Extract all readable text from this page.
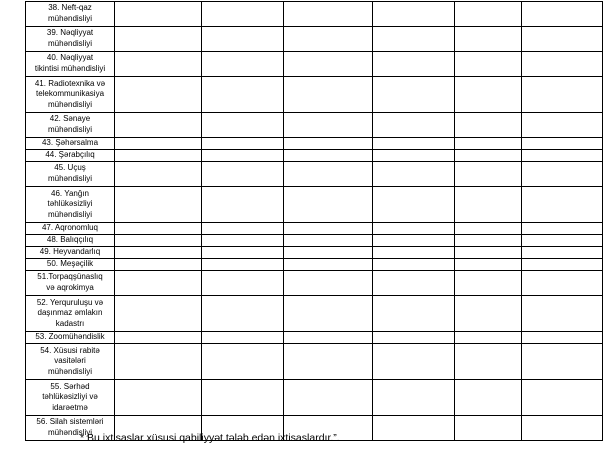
38. Neft-qaz
mühəndisliyi						
39. Nəqliyyat
mühəndisliyi						
40. Nəqliyyat
tikintisi mühəndisliyi						
41. Radiotexnika və
telekommunikasiya
mühəndisliyi						
42. Sənaye
mühəndisliyi						
43. Şəhərsalma						
44. Şərabçılıq						
45. Uçuş
mühəndisliyi						
46. Yanğın
təhlükəsizliyi
mühəndisliyi						
47. Aqronomluq						
48. Balıqçılıq						
49. Heyvandarlıq						
50. Meşəçilik						
51.Torpaqşünaslıq
və aqrokimya						
52. Yerquruluşu və
daşınmaz əmlakın
kadastrı						
53. Zoomühəndislik						
54. Xüsusi rabitə
vasitələri
mühəndisliyi						
55. Sərhəd
təhlükəsizliyi və
idarəetmə						
56. Silah sistemləri
mühəndisliyi						
* Bu ixtisaslar xüsusi qabiliyyət tələb edən ixtisaslardır.”.
